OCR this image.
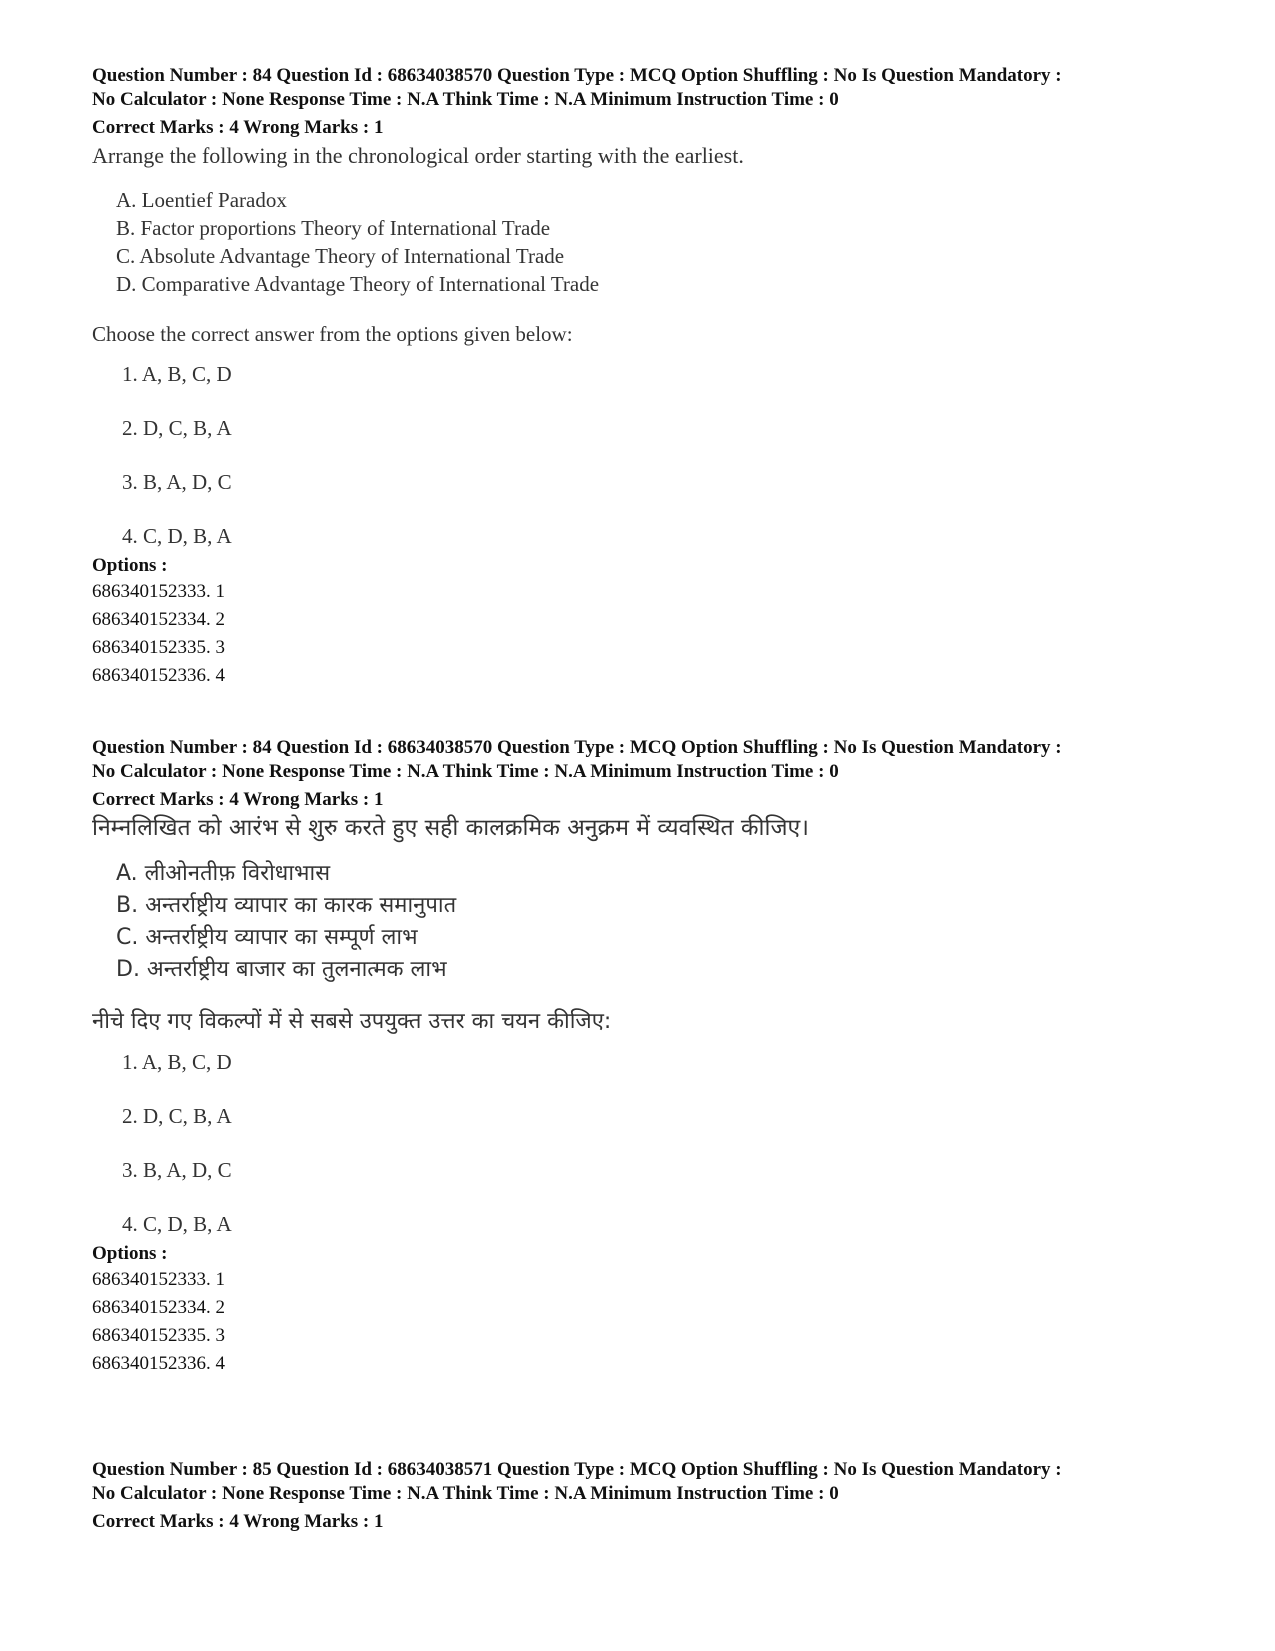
Question Number : 84 Question Id : 68634038570 Question Type : MCQ Option Shuffling : No Is Question Mandatory :

No Calculator : None Response Time : N.A Think Time : N.A Minimum Instruction Time : 0

Correct Marks : 4 Wrong Marks : 1
Arrange the following in the chronological order starting with the earliest.
A. Loentief Paradox
B. Factor proportions Theory of International Trade
C. Absolute Advantage Theory of International Trade
D. Comparative Advantage Theory of International Trade
Choose the correct answer from the options given below:
1. A, B, C, D
2. D, C, B, A
3. B, A, D, C
4. C, D, B, A
Options :
686340152333. 1
686340152334. 2
686340152335. 3
686340152336. 4

Question Number : 84 Question Id : 68634038570 Question Type : MCQ Option Shuffling : No Is Question Mandatory :

No Calculator : None Response Time : N.A Think Time : N.A Minimum Instruction Time : 0

Correct Marks : 4 Wrong Marks : 1
निम्नलिखित को आरंभ से शुरु करते हुए सही कालक्रमिक अनुक्रम में व्यवस्थित कीजिए।
A. लीओनतीफ़ विरोधाभास
B. अन्तर्राष्ट्रीय व्यापार का कारक समानुपात
C. अन्तर्राष्ट्रीय व्यापार का सम्पूर्ण लाभ
D. अन्तर्राष्ट्रीय बाजार का तुलनात्मक लाभ
नीचे दिए गए विकल्पों में से सबसे उपयुक्त उत्तर का चयन कीजिए:
1. A, B, C, D
2. D, C, B, A
3. B, A, D, C
4. C, D, B, A
Options :
686340152333. 1
686340152334. 2
686340152335. 3
686340152336. 4

Question Number : 85 Question Id : 68634038571 Question Type : MCQ Option Shuffling : No Is Question Mandatory :

No Calculator : None Response Time : N.A Think Time : N.A Minimum Instruction Time : 0

Correct Marks : 4 Wrong Marks : 1
